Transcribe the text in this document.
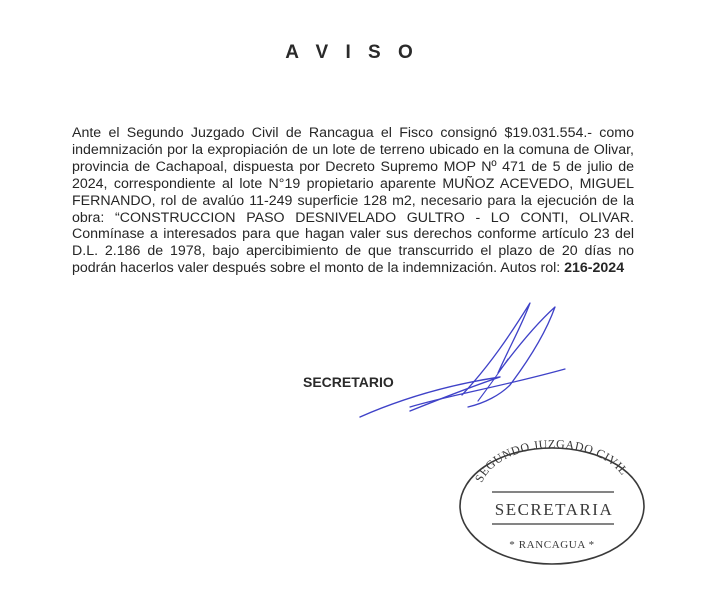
A V I S O
Ante el Segundo Juzgado Civil de Rancagua el Fisco consignó $19.031.554.- como indemnización por la expropiación de un lote de terreno ubicado en la comuna de Olivar, provincia de Cachapoal, dispuesta por Decreto Supremo MOP Nº 471 de 5 de julio de 2024, correspondiente al lote N°19 propietario aparente MUÑOZ ACEVEDO, MIGUEL FERNANDO, rol de avalúo 11-249 superficie 128 m2, necesario para la ejecución de la obra: “CONSTRUCCION PASO DESNIVELADO GULTRO - LO CONTI, OLIVAR. Conmínase a interesados para que hagan valer sus derechos conforme artículo 23 del D.L. 2.186 de 1978, bajo apercibimiento de que transcurrido el plazo de 20 días no podrán hacerlos valer después sobre el monto de la indemnización. Autos rol: 216-2024
SECRETARIO
SEGUNDO JUZGADO CIVIL
SECRETARIA
* RANCAGUA *
